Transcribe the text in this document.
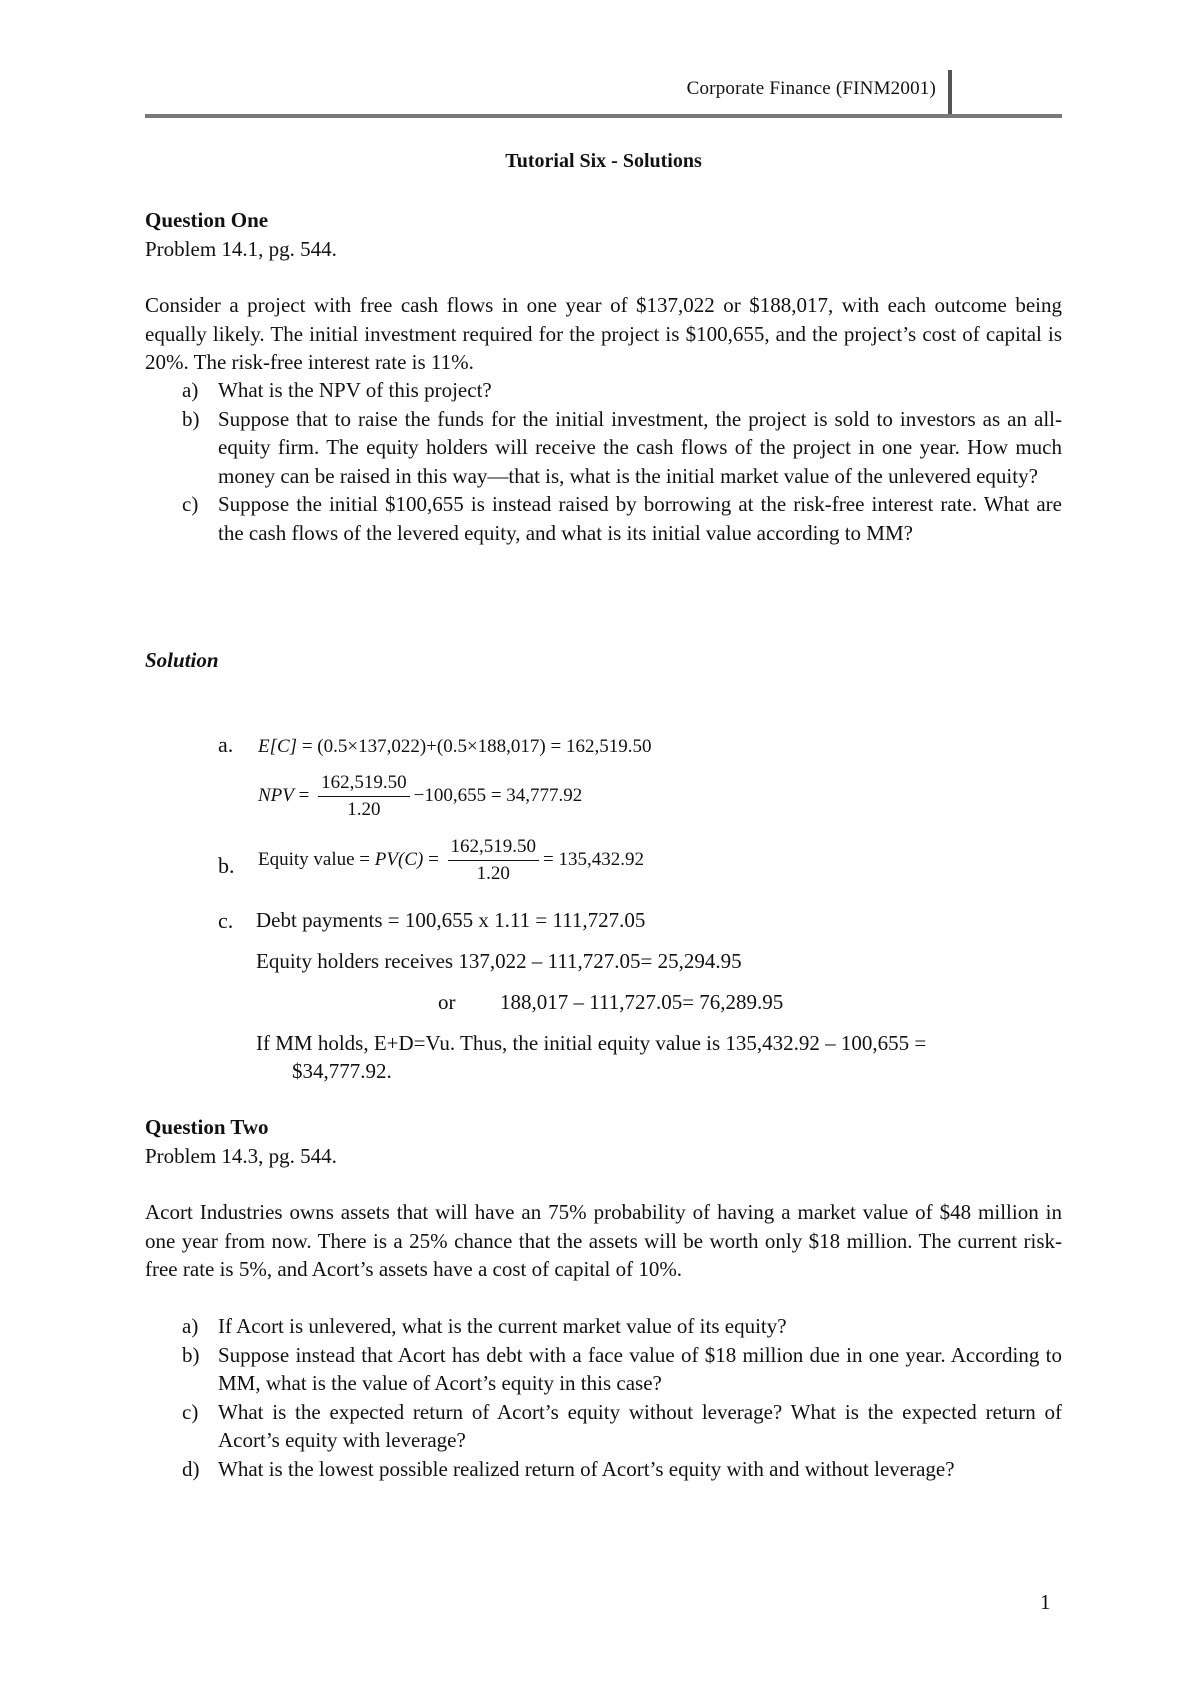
Corporate Finance (FINM2001)
Tutorial Six - Solutions
Question One
Problem 14.1, pg. 544.
Consider a project with free cash flows in one year of $137,022 or $188,017, with each outcome being equally likely. The initial investment required for the project is $100,655, and the project’s cost of capital is 20%. The risk-free interest rate is 11%.
a) What is the NPV of this project?
b) Suppose that to raise the funds for the initial investment, the project is sold to investors as an all-equity firm. The equity holders will receive the cash flows of the project in one year. How much money can be raised in this way—that is, what is the initial market value of the unlevered equity?
c) Suppose the initial $100,655 is instead raised by borrowing at the risk-free interest rate. What are the cash flows of the levered equity, and what is its initial value according to MM?
Solution
a. E[C] = (0.5×137,022)+(0.5×188,017) = 162,519.50
NPV = $\frac{162,519.50}{1.20} -100,655 = 34,777.92$
b. Equity value = $PV(C) = \frac{162,519.50}{1.20} = 135,432.92$
c. Debt payments = 100,655 x 1.11 = 111,727.05
Equity holders receives 137,022 – 111,727.05= 25,294.95
or 188,017 – 111,727.05= 76,289.95
If MM holds, E+D=Vu. Thus, the initial equity value is 135,432.92 – 100,655 =
$34,777.92.
Question Two
Problem 14.3, pg. 544.
Acort Industries owns assets that will have an 75% probability of having a market value of $48 million in one year from now. There is a 25% chance that the assets will be worth only $18 million. The current risk-free rate is 5%, and Acort’s assets have a cost of capital of 10%.
a) If Acort is unlevered, what is the current market value of its equity?
b) Suppose instead that Acort has debt with a face value of $18 million due in one year. According to MM, what is the value of Acort’s equity in this case?
c) What is the expected return of Acort’s equity without leverage? What is the expected return of Acort’s equity with leverage?
d) What is the lowest possible realized return of Acort’s equity with and without leverage?
1
